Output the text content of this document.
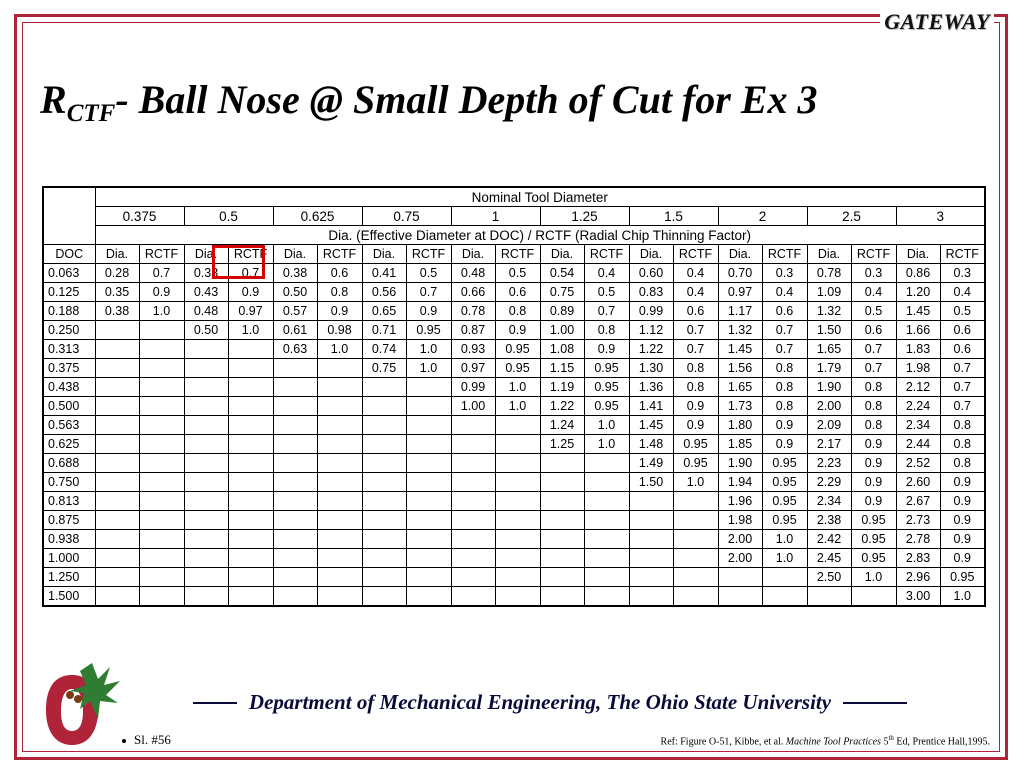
GATEWAY
$R_{CTF}-$ Ball Nose @ Small Depth of Cut for Ex 3
	Nominal Tool Diameter																			
	0.375		0.5		0.625		0.75		1		1.25		1.5		2		2.5		3	
	Dia. (Effective Diameter at DOC) / RCTF (Radial Chip Thinning Factor)																			
DOC	Dia.	RCTF	Dia.	RCTF	Dia.	RCTF	Dia.	RCTF	Dia.	RCTF	Dia.	RCTF	Dia.	RCTF	Dia.	RCTF	Dia.	RCTF	Dia.	RCTF
0.063	0.28	0.7	0.33	0.7	0.38	0.6	0.41	0.5	0.48	0.5	0.54	0.4	0.60	0.4	0.70	0.3	0.78	0.3	0.86	0.3
0.125	0.35	0.9	0.43	0.9	0.50	0.8	0.56	0.7	0.66	0.6	0.75	0.5	0.83	0.4	0.97	0.4	1.09	0.4	1.20	0.4
0.188	0.38	1.0	0.48	0.97	0.57	0.9	0.65	0.9	0.78	0.8	0.89	0.7	0.99	0.6	1.17	0.6	1.32	0.5	1.45	0.5
0.250			0.50	1.0	0.61	0.98	0.71	0.95	0.87	0.9	1.00	0.8	1.12	0.7	1.32	0.7	1.50	0.6	1.66	0.6
0.313					0.63	1.0	0.74	1.0	0.93	0.95	1.08	0.9	1.22	0.7	1.45	0.7	1.65	0.7	1.83	0.6
0.375							0.75	1.0	0.97	0.95	1.15	0.95	1.30	0.8	1.56	0.8	1.79	0.7	1.98	0.7
0.438									0.99	1.0	1.19	0.95	1.36	0.8	1.65	0.8	1.90	0.8	2.12	0.7
0.500									1.00	1.0	1.22	0.95	1.41	0.9	1.73	0.8	2.00	0.8	2.24	0.7
0.563											1.24	1.0	1.45	0.9	1.80	0.9	2.09	0.8	2.34	0.8
0.625											1.25	1.0	1.48	0.95	1.85	0.9	2.17	0.9	2.44	0.8
0.688													1.49	0.95	1.90	0.95	2.23	0.9	2.52	0.8
0.750													1.50	1.0	1.94	0.95	2.29	0.9	2.60	0.9
0.813															1.96	0.95	2.34	0.9	2.67	0.9
0.875															1.98	0.95	2.38	0.95	2.73	0.9
0.938															2.00	1.0	2.42	0.95	2.78	0.9
1.000															2.00	1.0	2.45	0.95	2.83	0.9
1.250																	2.50	1.0	2.96	0.95
1.500																			3.00	1.0
Department of Mechanical Engineering, The Ohio State University
Sl. #56	Ref: Figure O-51, Kibbe, et al. Machine Tool Practices 5th Ed, Prentice Hall,1995.
